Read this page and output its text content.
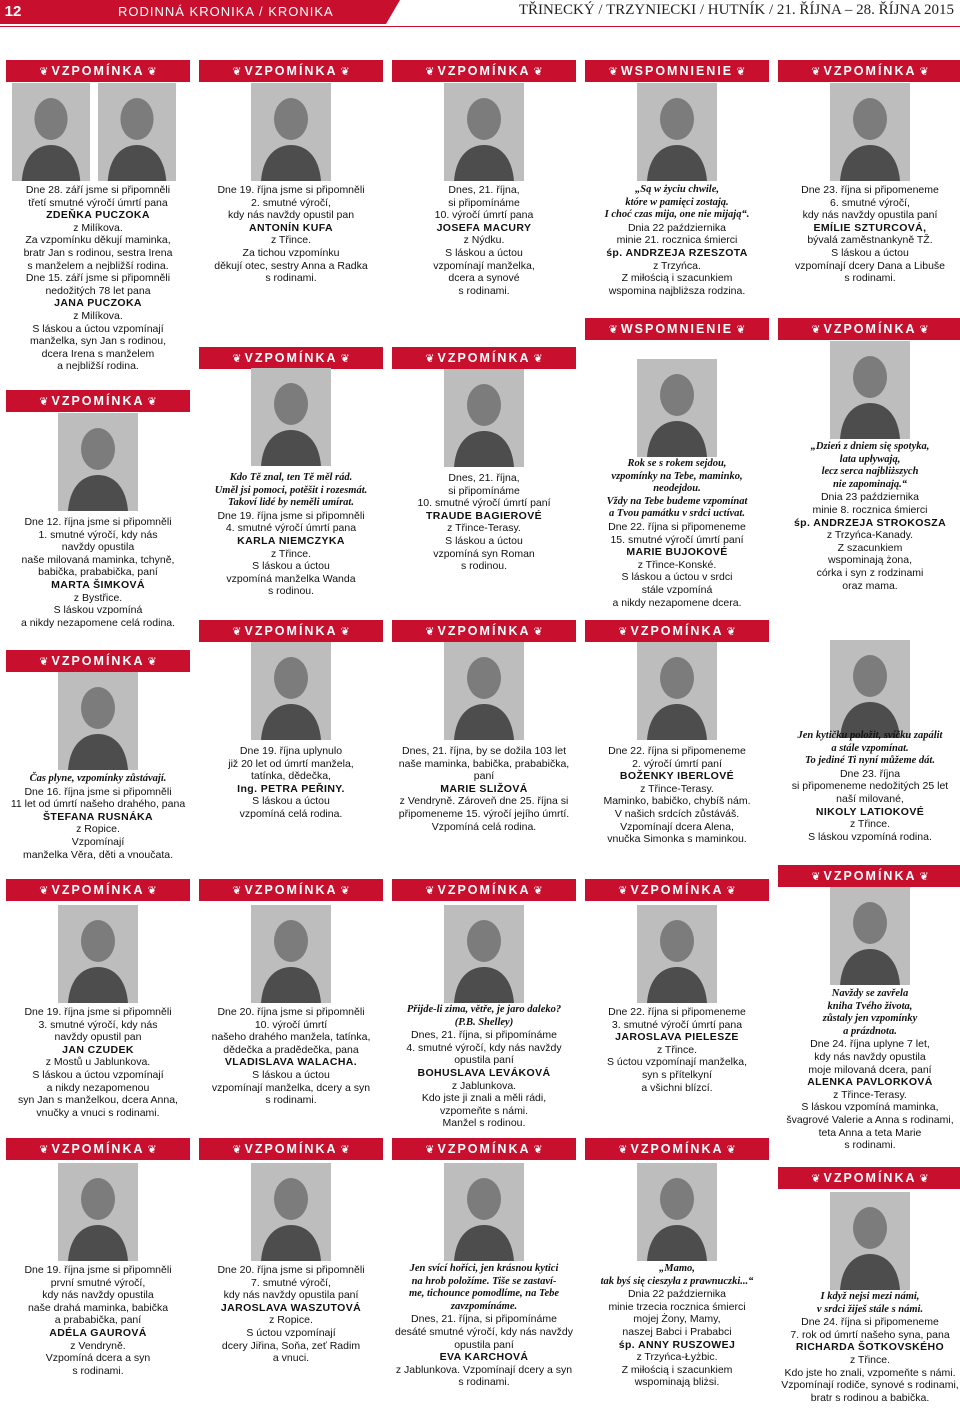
12	RODINNÁ KRONIKA / KRONIKA RODZINNA
TŘINECKÝ / TRZYNIECKI / HUTNÍK / 21. ŘÍJNA – 28. ŘÍJNA 2015
❦ VZPOMÍNKA ❦	❦ VZPOMÍNKA ❦	❦ VZPOMÍNKA ❦	❦ WSPOMNIENIE ❦	❦ VZPOMÍNKA ❦
❦ VZPOMÍNKA ❦
❦ VZPOMÍNKA ❦	❦ VZPOMÍNKA ❦
❦ WSPOMNIENIE ❦	❦ VZPOMÍNKA ❦
❦ VZPOMÍNKA ❦
❦ VZPOMÍNKA ❦	❦ VZPOMÍNKA ❦	❦ VZPOMÍNKA ❦
❦ VZPOMÍNKA ❦	❦ VZPOMÍNKA ❦	❦ VZPOMÍNKA ❦	❦ VZPOMÍNKA ❦
❦ VZPOMÍNKA ❦
❦ VZPOMÍNKA ❦	❦ VZPOMÍNKA ❦	❦ VZPOMÍNKA ❦	❦ VZPOMÍNKA ❦
❦ VZPOMÍNKA ❦
Dne 28. září jsme si připomněli
třetí smutné výročí úmrtí pana
ZDEŇKA PUCZOKA
z Milíkova.
Za vzpomínku děkují maminka,
bratr Jan s rodinou, sestra Irena
s manželem a nejbližší rodina.
Dne 15. září jsme si připomněli
nedožitých 78 let pana
JANA PUCZOKA
z Milíkova.
S láskou a úctou vzpomínají
manželka, syn Jan s rodinou,
dcera Irena s manželem
a nejbližší rodina.
Dne 19. října jsme si připomněli
2. smutné výročí,
kdy nás navždy opustil pan
ANTONÍN KUFA
z Třince.
Za tichou vzpomínku
děkují otec, sestry Anna a Radka
s rodinami.
Dnes, 21. října,
si připomínáme
10. výročí úmrtí pana
JOSEFA MACURY
z Nýdku.
S láskou a úctou
vzpomínají manželka,
dcera a synové
s rodinami.
„Są w życiu chwile,
które w pamięci zostają.
I choć czas mija, one nie mijają“.
Dnia 22 października
minie 21. rocznica śmierci
śp. ANDRZEJA RZESZOTA
z Trzyńca.
Z miłością i szacunkiem
wspomina najbliższa rodzina.
Dne 23. října si připomeneme
6. smutné výročí,
kdy nás navždy opustila paní
EMÍLIE SZTURCOVÁ,
bývalá zaměstnankyně TŽ.
S láskou a úctou
vzpomínají dcery Dana a Libuše
s rodinami.
Dne 12. října jsme si připomněli
1. smutné výročí, kdy nás
navždy opustila
naše milovaná maminka, tchyně,
babička, prababička, paní
MARTA ŠIMKOVÁ
z Bystřice.
S láskou vzpomíná
a nikdy nezapomene celá rodina.
Kdo Tě znal, ten Tě měl rád.
Uměl jsi pomoci, potěšit i rozesmát.
Takoví lidé by neměli umírat.
Dne 19. října jsme si připomněli
4. smutné výročí úmrtí pana
KARLA NIEMCZYKA
z Třince.
S láskou a úctou
vzpomíná manželka Wanda
s rodinou.
Dnes, 21. října,
si připomínáme
10. smutné výročí úmrtí paní
TRAUDE BAGIEROVÉ
z Třince-Terasy.
S láskou a úctou
vzpomíná syn Roman
s rodinou.
Rok se s rokem sejdou,
vzpomínky na Tebe, maminko,
neodejdou.
Vždy na Tebe budeme vzpomínat
a Tvou památku v srdci uctívat.
Dne 22. října si připomeneme
15. smutné výročí úmrtí paní
MARIE BUJOKOVÉ
z Třince-Konské.
S láskou a úctou v srdci
stále vzpomíná
a nikdy nezapomene dcera.
„Dzień z dniem się spotyka,
lata upływają,
lecz serca najbliższych
nie zapominają.“
Dnia 23 października
minie 8. rocznica śmierci
śp. ANDRZEJA STROKOSZA
z Trzyńca-Kanady.
Z szacunkiem
wspominają żona,
córka i syn z rodzinami
oraz mama.
Čas plyne, vzpomínky zůstávají.
Dne 16. října jsme si připomněli
11 let od úmrtí našeho drahého, pana
ŠTEFANA RUSNÁKA
z Ropice.
Vzpomínají
manželka Věra, děti a vnoučata.
Dne 19. října uplynulo
již 20 let od úmrtí manžela,
tatínka, dědečka,
Ing. PETRA PEŘINY.
S láskou a úctou
vzpomíná celá rodina.
Dnes, 21. října, by se dožila 103 let
naše maminka, babička, prababička,
paní
MARIE SLIŽOVÁ
z Vendryně. Zároveň dne 25. října si
připomeneme 15. výročí jejího úmrtí.
Vzpomíná celá rodina.
Dne 22. října si připomeneme
2. výročí úmrtí paní
BOŽENKY IBERLOVÉ
z Třince-Terasy.
Maminko, babičko, chybíš nám.
V našich srdcích zůstáváš.
Vzpomínají dcera Alena,
vnučka Simonka s maminkou.
Jen kytičku položit, svíčku zapálit
a stále vzpomínat.
To jediné Ti nyní můžeme dát.
Dne 23. října
si připomeneme nedožitých 25 let
naší milované,
NIKOLY LATIOKOVÉ
z Třince.
S láskou vzpomíná rodina.
Dne 19. října jsme si připomněli
3. smutné výročí, kdy nás
navždy opustil pan
JAN CZUDEK
z Mostů u Jablunkova.
S láskou a úctou vzpomínají
a nikdy nezapomenou
syn Jan s manželkou, dcera Anna,
vnučky a vnuci s rodinami.
Dne 20. října jsme si připomněli
10. výročí úmrtí
našeho drahého manžela, tatínka,
dědečka a pradědečka, pana
VLADISLAVA WALACHA.
S láskou a úctou
vzpomínají manželka, dcery a syn
s rodinami.
Přijde-li zima, větře, je jaro daleko?
(P.B. Shelley)
Dnes, 21. října, si připomínáme
4. smutné výročí, kdy nás navždy
opustila paní
BOHUSLAVA LEVÁKOVÁ
z Jablunkova.
Kdo jste ji znali a měli rádi,
vzpomeňte s námi.
Manžel s rodinou.
Dne 22. října si připomeneme
3. smutné výročí úmrtí pana
JAROSLAVA PIELESZE
z Třince.
S úctou vzpomínají manželka,
syn s přítelkyní
a všichni blízcí.
Navždy se zavřela
kniha Tvého života,
zůstaly jen vzpomínky
a prázdnota.
Dne 24. října uplyne 7 let,
kdy nás navždy opustila
moje milovaná dcera, paní
ALENKA PAVLORKOVÁ
z Třince-Terasy.
S láskou vzpomíná maminka,
švagrové Valerie a Anna s rodinami,
teta Anna a teta Marie
s rodinami.
Dne 19. října jsme si připomněli
první smutné výročí,
kdy nás navždy opustila
naše drahá maminka, babička
a prababička, paní
ADÉLA GAUROVÁ
z Vendryně.
Vzpomíná dcera a syn
s rodinami.
Dne 20. října jsme si připomněli
7. smutné výročí,
kdy nás navždy opustila paní
JAROSLAVA WASZUTOVÁ
z Ropice.
S úctou vzpomínají
dcery Jiřina, Soňa, zeť Radim
a vnuci.
Jen svící hoříci, jen krásnou kytici
na hrob položíme. Tiše se zastaví-
me, tichounce pomodlíme, na Tebe
zavzpomínáme.
Dnes, 21. října, si připomínáme
desáté smutné výročí, kdy nás navždy
opustila paní
EVA KARCHOVÁ
z Jablunkova. Vzpomínají dcery a syn
s rodinami.
„Mamo,
tak byś się cieszyła z prawnuczki...“
Dnia 22 października
minie trzecia rocznica śmierci
mojej Żony, Mamy,
naszej Babci i Prababci
śp. ANNY RUSZOWEJ
z Trzyńca-Łyżbic.
Z miłością i szacunkiem
wspominają bliżsi.
I když nejsi mezi námi,
v srdci žiješ stále s námi.
Dne 24. října si připomeneme
7. rok od úmrtí našeho syna, pana
RICHARDA ŠOTKOVSKÉHO
z Třince.
Kdo jste ho znali, vzpomeňte s námi.
Vzpomínají rodiče, synové s rodinami,
bratr s rodinou a babička.
